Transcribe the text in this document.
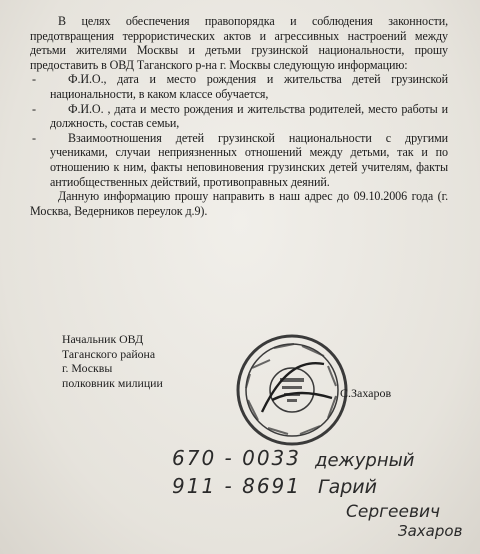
В целях обеспечения правопорядка и соблюдения законности, предотвращения террористических актов и агрессивных настроений между детьми жителями Москвы и детьми грузинской национальности, прошу предоставить в ОВД Таганского р-на г. Москвы следующую информацию:

-	Ф.И.О., дата и место рождения и жительства детей грузинской национальности, в каком классе обучается,
-	Ф.И.О. , дата и место рождения и жительства родителей, место работы и должность, состав семьи,
-	Взаимоотношения детей грузинской национальности с другими учениками, случаи неприязненных отношений между детьми, так и по отношению к ним, факты неповиновения грузинских детей учителям, факты антиобщественных действий, противоправных деяний.

Данную информацию прошу направить в наш адрес до 09.10.2006 года (г. Москва, Ведерников переулок д.9).

Начальник ОВД
Таганского района
г. Москвы
полковник милиции
С.Захаров
670 - 0033 дежурный
911 - 8691 Гарий
Сергеевич
Захаров
